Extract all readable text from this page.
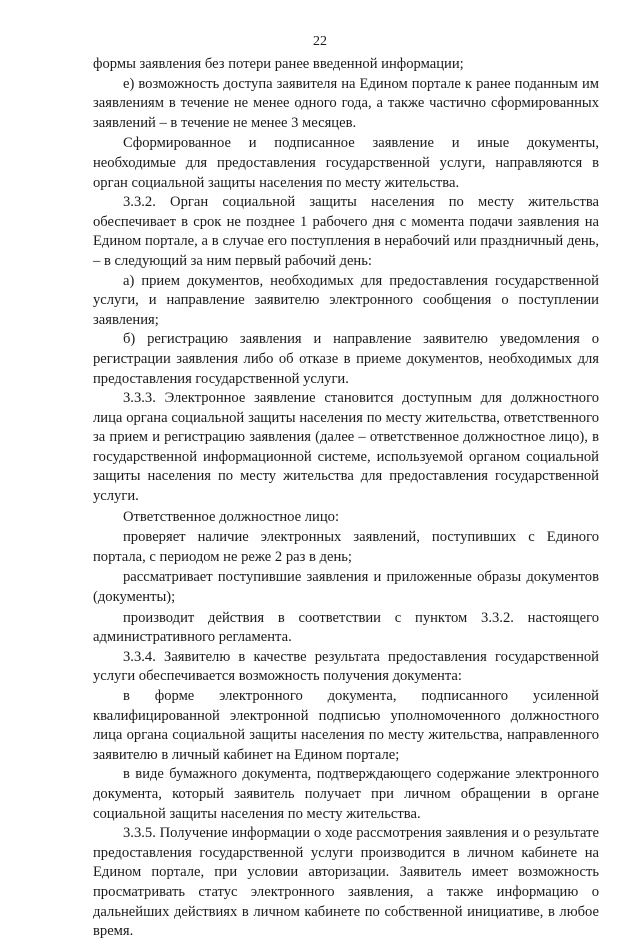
22

формы заявления без потери ранее введенной информации;

е) возможность доступа заявителя на Едином портале к ранее поданным им заявлениям в течение не менее одного года, а также частично сформированных заявлений – в течение не менее 3 месяцев.

Сформированное и подписанное заявление и иные документы, необходимые для предоставления государственной услуги, направляются в орган социальной защиты населения по месту жительства.

3.3.2. Орган социальной защиты населения по месту жительства обеспечивает в срок не позднее 1 рабочего дня с момента подачи заявления на Едином портале, а в случае его поступления в нерабочий или праздничный день, – в следующий за ним первый рабочий день:

а) прием документов, необходимых для предоставления государственной услуги, и направление заявителю электронного сообщения о поступлении заявления;

б) регистрацию заявления и направление заявителю уведомления о регистрации заявления либо об отказе в приеме документов, необходимых для предоставления государственной услуги.

3.3.3. Электронное заявление становится доступным для должностного лица органа социальной защиты населения по месту жительства, ответственного за прием и регистрацию заявления (далее – ответственное должностное лицо), в государственной информационной системе, используемой органом социальной защиты населения по месту жительства для предоставления государственной услуги.

Ответственное должностное лицо:

проверяет наличие электронных заявлений, поступивших с Единого портала, с периодом не реже 2 раз в день;

рассматривает поступившие заявления и приложенные образы документов (документы);

производит действия в соответствии с пунктом 3.3.2. настоящего административного регламента.

3.3.4. Заявителю в качестве результата предоставления государственной услуги обеспечивается возможность получения документа:

в форме электронного документа, подписанного усиленной квалифицированной электронной подписью уполномоченного должностного лица органа социальной защиты населения по месту жительства, направленного заявителю в личный кабинет на Едином портале;

в виде бумажного документа, подтверждающего содержание электронного документа, который заявитель получает при личном обращении в органе социальной защиты населения по месту жительства.

3.3.5. Получение информации о ходе рассмотрения заявления и о результате предоставления государственной услуги производится в личном кабинете на Едином портале, при условии авторизации. Заявитель имеет возможность просматривать статус электронного заявления, а также информацию о дальнейших действиях в личном кабинете по собственной инициативе, в любое время.
